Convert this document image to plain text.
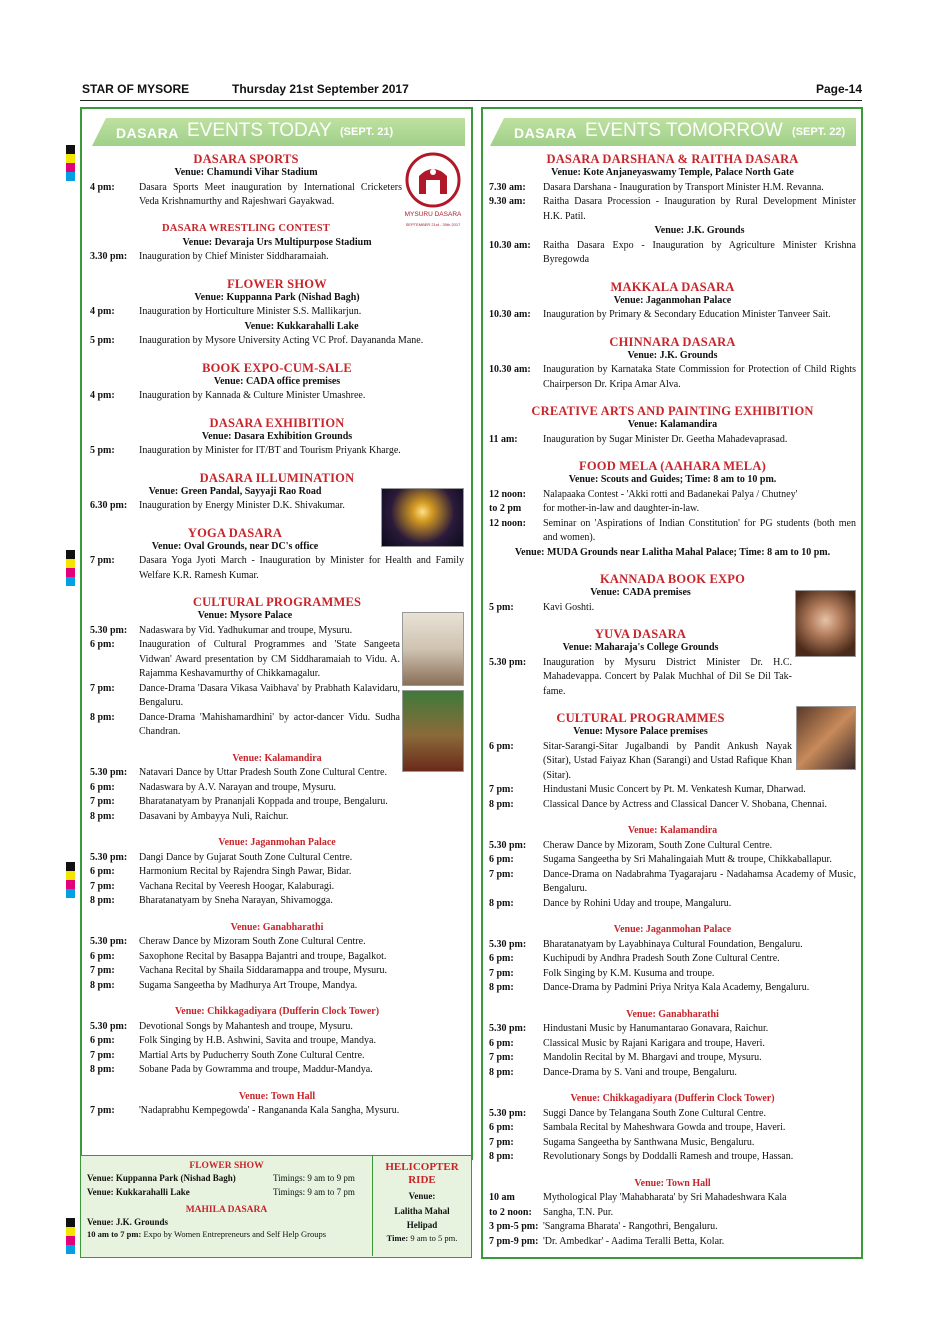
STAR OF MYSORE	Thursday 21st September 2017	Page-14
DASARA EVENTS TODAY (SEPT. 21)
MYSURU DASARA
SEPTEMBER 21st - 30th 2017
DASARA SPORTS
Venue: Chamundi Vihar Stadium
4 pm:	Dasara Sports Meet inauguration by International Cricketers Veda Krishnamurthy and Rajeshwari Gayakwad.
DASARA WRESTLING CONTEST
Venue: Devaraja Urs Multipurpose Stadium
3.30 pm:	Inauguration by Chief Minister Siddharamaiah.
FLOWER SHOW
Venue: Kuppanna Park (Nishad Bagh)
4 pm:	Inauguration by Horticulture Minister S.S. Mallikarjun.
Venue: Kukkarahalli Lake
5 pm:	Inauguration by Mysore University Acting VC Prof. Dayananda Mane.
BOOK EXPO-CUM-SALE
Venue: CADA office premises
4 pm:	Inauguration by Kannada & Culture Minister Umashree.
DASARA EXHIBITION
Venue: Dasara Exhibition Grounds
5 pm:	Inauguration by Minister for IT/BT and Tourism Priyank Kharge.
DASARA ILLUMINATION
Venue: Green Pandal, Sayyaji Rao Road
6.30 pm:	Inauguration by Energy Minister D.K. Shivakumar.
YOGA DASARA
Venue: Oval Grounds, near DC's office
7 pm:	Dasara Yoga Jyoti March - Inauguration by Minister for Health and Family Welfare K.R. Ramesh Kumar.
CULTURAL PROGRAMMES
Venue: Mysore Palace
5.30 pm:	Nadaswara by Vid. Yadhukumar and troupe, Mysuru.
6 pm:	Inauguration of Cultural Programmes and 'State Sangeeta Vidwan' Award presentation by CM Siddharamaiah to Vidu. A. Rajamma Keshavamurthy of Chikkamagalur.
7 pm:	Dance-Drama 'Dasara Vikasa Vaibhava' by Prabhath Kalavidaru, Bengaluru.
8 pm:	Dance-Drama 'Mahishamardhini' by actor-dancer Vidu. Sudha Chandran.
Venue: Kalamandira
5.30 pm:	Natavari Dance by Uttar Pradesh South Zone Cultural Centre.
6 pm:	Nadaswara by A.V. Narayan and troupe, Mysuru.
7 pm:	Bharatanatyam by Prananjali Koppada and troupe, Bengaluru.
8 pm:	Dasavani by Ambayya Nuli, Raichur.
Venue: Jaganmohan Palace
5.30 pm:	Dangi Dance by Gujarat South Zone Cultural Centre.
6 pm:	Harmonium Recital by Rajendra Singh Pawar, Bidar.
7 pm:	Vachana Recital by Veeresh Hoogar, Kalaburagi.
8 pm:	Bharatanatyam by Sneha Narayan, Shivamogga.
Venue: Ganabharathi
5.30 pm:	Cheraw Dance by Mizoram South Zone Cultural Centre.
6 pm:	Saxophone Recital by Basappa Bajantri and troupe, Bagalkot.
7 pm:	Vachana Recital by Shaila Siddaramappa and troupe, Mysuru.
8 pm:	Sugama Sangeetha by Madhurya Art Troupe, Mandya.
Venue: Chikkagadiyara (Dufferin Clock Tower)
5.30 pm:	Devotional Songs by Mahantesh and troupe, Mysuru.
6 pm:	Folk Singing by H.B. Ashwini, Savita and troupe, Mandya.
7 pm:	Martial Arts by Puducherry South Zone Cultural Centre.
8 pm:	Sobane Pada by Gowramma and troupe, Maddur-Mandya.
Venue: Town Hall
7 pm:	'Nadaprabhu Kempegowda' - Ranganandа Kala Sangha, Mysuru.
FLOWER SHOW
Venue: Kuppanna Park (Nishad Bagh)	Timings: 9 am to 9 pm
Venue: Kukkarahalli Lake	Timings: 9 am to 7 pm
MAHILA DASARA
Venue: J.K. Grounds
10 am to 7 pm: Expo by Women Entrepreneurs and Self Help Groups
HELICOPTER RIDE
Venue:
Lalitha Mahal Helipad
Time: 9 am to 5 pm.
DASARA EVENTS TOMORROW (SEPT. 22)
DASARA DARSHANA & RAITHA DASARA
Venue: Kote Anjaneyaswamy Temple, Palace North Gate
7.30 am:	Dasara Darshana - Inauguration by Transport Minister H.M. Revanna.
9.30 am:	Raitha Dasara Procession - Inauguration by Rural Development Minister H.K. Patil.
Venue: J.K. Grounds
10.30 am:	Raitha Dasara Expo - Inauguration by Agriculture Minister Krishna Byregowda
MAKKALA DASARA
Venue: Jaganmohan Palace
10.30 am:	Inauguration by Primary & Secondary Education Minister Tanveer Sait.
CHINNARA DASARA
Venue: J.K. Grounds
10.30 am:	Inauguration by Karnataka State Commission for Protection of Child Rights Chairperson Dr. Kripa Amar Alva.
CREATIVE ARTS AND PAINTING EXHIBITION
Venue: Kalamandira
11 am:	Inauguration by Sugar Minister Dr. Geetha Mahadevaprasad.
FOOD MELA (AAHARA MELA)
Venue: Scouts and Guides; Time: 8 am to 10 pm.
12 noon:	Nalapaaka Contest - 'Akki rotti and Badanekai Palya / Chutney'
to 2 pm	for mother-in-law and daughter-in-law.
12 noon:	Seminar on 'Aspirations of Indian Constitution' for PG students (both men and women).
Venue: MUDA Grounds near Lalitha Mahal Palace; Time: 8 am to 10 pm.
KANNADA BOOK EXPO
Venue: CADA premises
5 pm:	Kavi Goshti.
YUVA DASARA
Venue: Maharaja's College Grounds
5.30 pm:	Inauguration by Mysuru District Minister Dr. H.C. Mahadevappa. Concert by Palak Muchhal of Dil Se Dil Tak-fame.
CULTURAL PROGRAMMES
Venue: Mysore Palace premises
6 pm:	Sitar-Sarangi-Sitar Jugalbandi by Pandit Ankush Nayak (Sitar), Ustad Faiyaz Khan (Sarangi) and Ustad Rafique Khan (Sitar).
7 pm:	Hindustani Music Concert by Pt. M. Venkatesh Kumar, Dharwad.
8 pm:	Classical Dance by Actress and Classical Dancer V. Shobana, Chennai.
Venue: Kalamandira
5.30 pm:	Cheraw Dance by Mizoram, South Zone Cultural Centre.
6 pm:	Sugama Sangeetha by Sri Mahalingaiah Mutt & troupe, Chikkaballapur.
7 pm:	Dance-Drama on Nadabrahma Tyagarajaru - Nadahamsa Academy of Music, Bengaluru.
8 pm:	Dance by Rohini Uday and troupe, Mangaluru.
Venue: Jaganmohan Palace
5.30 pm:	Bharatanatyam by Layabhinaya Cultural Foundation, Bengaluru.
6 pm:	Kuchipudi by Andhra Pradesh South Zone Cultural Centre.
7 pm:	Folk Singing by K.M. Kusuma and troupe.
8 pm:	Dance-Drama by Padmini Priya Nritya Kala Academy, Bengaluru.
Venue: Ganabharathi
5.30 pm:	Hindustani Music by Hanumantarao Gonavara, Raichur.
6 pm:	Classical Music by Rajani Karigara and troupe, Haveri.
7 pm:	Mandolin Recital by M. Bhargavi and troupe, Mysuru.
8 pm:	Dance-Drama by S. Vani and troupe, Bengaluru.
Venue: Chikkagadiyara (Dufferin Clock Tower)
5.30 pm:	Suggi Dance by Telangana South Zone Cultural Centre.
6 pm:	Sambala Recital by Maheshwara Gowda and troupe, Haveri.
7 pm:	Sugama Sangeetha by Santhwana Music, Bengaluru.
8 pm:	Revolutionary Songs by Doddalli Ramesh and troupe, Hassan.
Venue: Town Hall
10 am	Mythological Play 'Mahabharata' by Sri Mahadeshwara Kala
to 2 noon:	Sangha, T.N. Pur.
3 pm-5 pm: 'Sangrama Bharata' - Rangothri, Bengaluru.
7 pm-9 pm: 'Dr. Ambedkar' - Aadima Teralli Betta, Kolar.
